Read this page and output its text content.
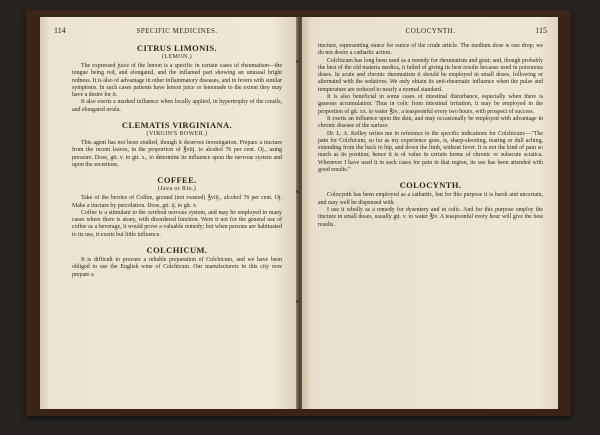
114	SPECIFIC MEDICINES.
CITRUS LIMONIS.
(LEMON.)

The expressed juice of the lemon is a specific in certain cases of rheumatism—the tongue being red, and elongated, and the inflamed part showing an unusual bright redness. It is also of advantage in other inflammatory diseases, and in fevers with similar symptoms. In such cases patients have lemon juice or lemonade to the extent they may have a desire for it.

It also exerts a marked influence when locally applied, in hypertrophy of the tonsils, and elongated uvula.

CLEMATIS VIRGINIANA.
(VIRGIN'S BOWER.)

This agent has not been studied, though it deserves investigation. Prepare a tincture from the recent leaves, in the proportion of ℥viij. to alcohol 76 per cent. Oj., using pressure. Dose, gtt. v. to gtt. x., to determine its influence upon the nervous system and upon the secretions.

COFFEE.
(Java or Rio.)

Take of the berries of Coffee, ground (not roasted) ℥viij., alcohol 76 per cent. Oj. Make a tincture by percolation. Dose, gtt. ij. to gtt. x.

Coffee is a stimulant to the cerebral nervous system, and may be employed in many cases where there is atony, with disordered function. Were it not for the general use of coffee as a beverage, it would prove a valuable remedy; but when persons are habituated to its use, it exerts but little influence.

COLCHICUM.

It is difficult to procure a reliable preparation of Colchicum, and we have been obliged to use the English wine of Colchicum. Our manufacturers in this city now prepare a

COLOCYNTH.	115

tincture, representing ounce for ounce of the crude article. The medium dose is one drop; we do not desire a cathartic action.

Colchicum has long been used as a remedy for rheumatism and gout; and, though probably the best of the old materia medica, it failed of giving its best results because used in poisonous doses. In acute and chronic rheumatism it should be employed in small doses, following or alternated with the sedatives. We only obtain its anti-rheumatic influence when the pulse and temperature are reduced to nearly a normal standard.

It is also beneficial in some cases of intestinal disturbance, especially when there is gaseous accumulation. Thus in colic from intestinal irritation, it may be employed in the proportion of gtt. xx. to water ℥iv., a teaspoonful every two hours, with prospect of success.

It exerts an influence upon the skin, and may occasionally be employed with advantage in chronic disease of the surface.

Dr. L. A. Kelley writes me in reference to the specific indications for Colchicum:—"The pain for Colchicum, so far as my experience goes, is, sharp-shooting, tearing or dull aching, extending from the back to hip, and down the limb, without fever. It is not the kind of pain so much as its position; hence it is of value in certain forms of chronic or subacute sciatica. Whenever I have used it in such cases for pain in that region, its use has been attended with good results."

COLOCYNTH.

Colocynth has been employed as a cathartic, but for this purpose it is harsh and uncertain, and may well be dispensed with.

I use it wholly as a remedy for dysentery and in colic. And for this purpose employ the tincture in small doses, usually gtt. v. to water ℥iv. A teaspoonful every hour will give the best results.
